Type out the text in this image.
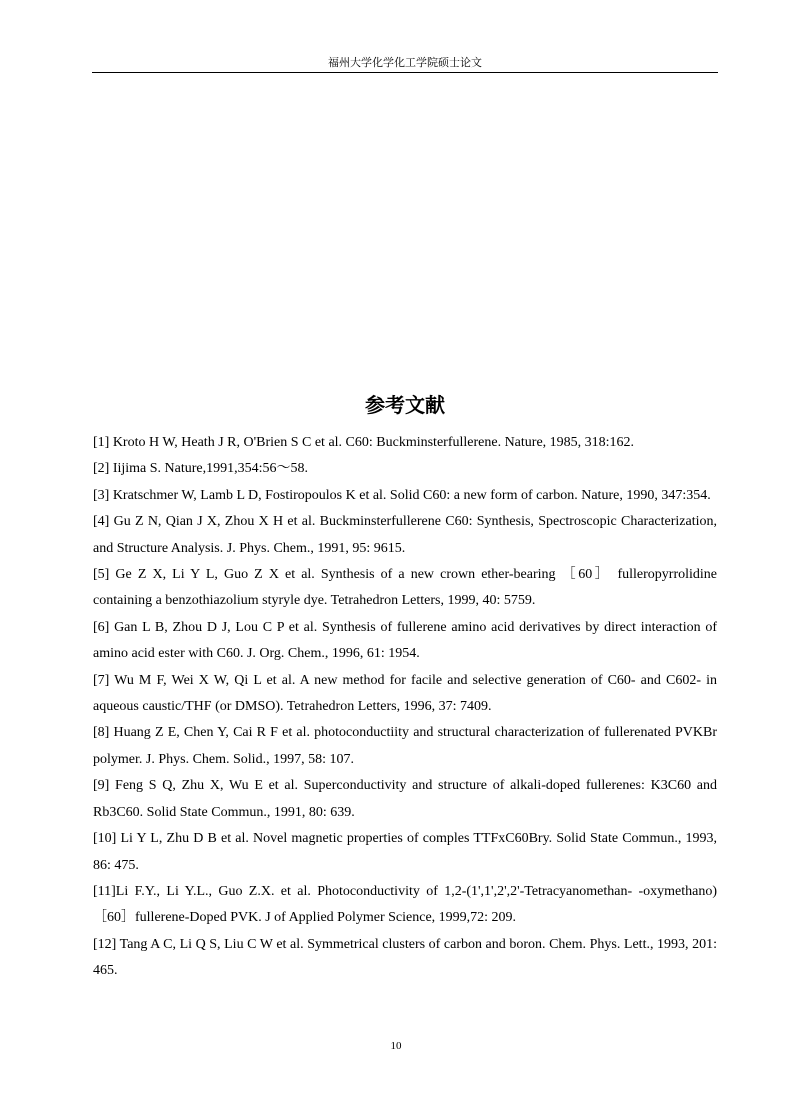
福州大学化学化工学院硕士论文
参考文献
[1] Kroto H W, Heath J R, O'Brien S C et al. C60: Buckminsterfullerene. Nature, 1985, 318:162.
[2] Iijima S. Nature,1991,354:56～58.
[3] Kratschmer W, Lamb L D, Fostiropoulos K et al. Solid C60: a new form of carbon. Nature, 1990, 347:354.
[4] Gu Z N, Qian J X, Zhou X H et al. Buckminsterfullerene C60: Synthesis, Spectroscopic Characterization, and Structure Analysis. J. Phys. Chem., 1991, 95: 9615.
[5] Ge Z X, Li Y L, Guo Z X et al. Synthesis of a new crown ether-bearing ［60］ fulleropyrrolidine containing a benzothiazolium styryle dye. Tetrahedron Letters, 1999, 40: 5759.
[6] Gan L B, Zhou D J, Lou C P et al. Synthesis of fullerene amino acid derivatives by direct interaction of amino acid ester with C60. J. Org. Chem., 1996, 61: 1954.
[7] Wu M F, Wei X W, Qi L et al. A new method for facile and selective generation of C60- and C602- in aqueous caustic/THF (or DMSO). Tetrahedron Letters, 1996, 37: 7409.
[8] Huang Z E, Chen Y, Cai R F et al. photoconductiity and structural characterization of fullerenated PVKBr polymer. J. Phys. Chem. Solid., 1997, 58: 107.
[9] Feng S Q, Zhu X, Wu E et al. Superconductivity and structure of alkali-doped fullerenes: K3C60 and Rb3C60. Solid State Commun., 1991, 80: 639.
[10] Li Y L, Zhu D B et al. Novel magnetic properties of comples TTFxC60Bry. Solid State Commun., 1993, 86: 475.
[11]Li F.Y., Li Y.L., Guo Z.X. et al. Photoconductivity of 1,2-(1',1',2',2'-Tetracyanomethan- -oxymethano)［60］fullerene-Doped PVK. J of Applied Polymer Science, 1999,72: 209.
[12] Tang A C, Li Q S, Liu C W et al. Symmetrical clusters of carbon and boron. Chem. Phys. Lett., 1993, 201: 465.
10
